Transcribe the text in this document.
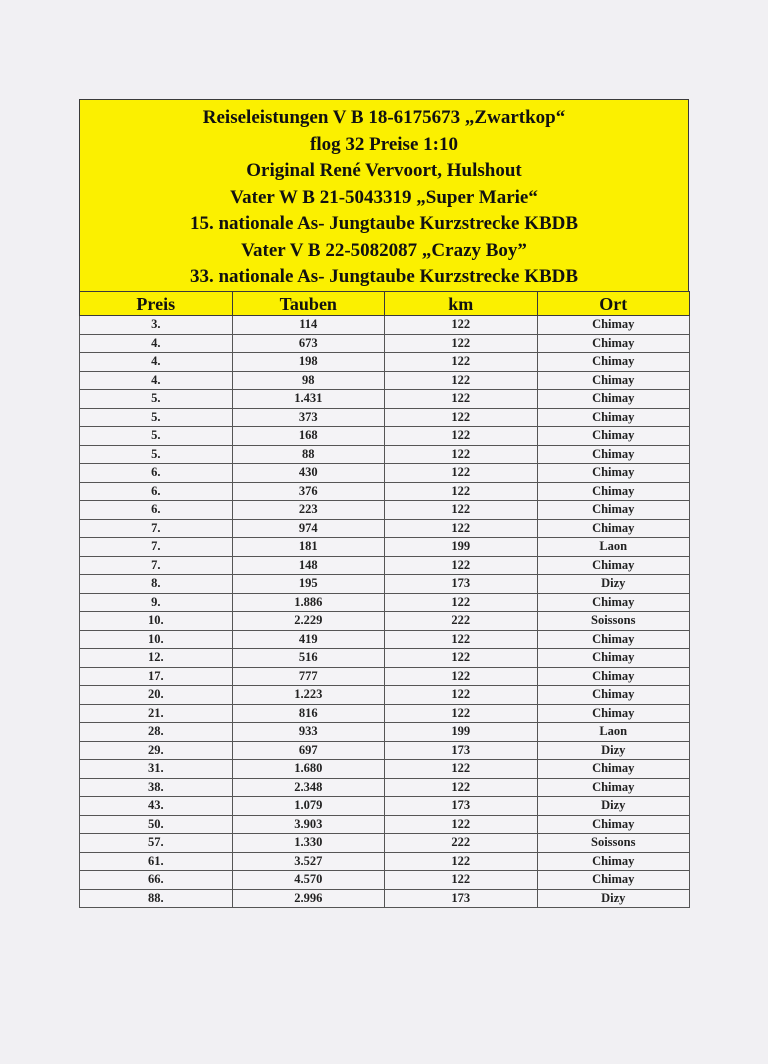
Reiseleistungen V B 18-6175673 „Zwartkop“
flog 32 Preise 1:10
Original René Vervoort, Hulshout
Vater W B 21-5043319 „Super Marie“
15. nationale As- Jungtaube Kurzstrecke KBDB
Vater V B 22-5082087 „Crazy Boy”
33. nationale As- Jungtaube Kurzstrecke KBDB
Preis	Tauben	km	Ort
3.	114	122	Chimay
4.	673	122	Chimay
4.	198	122	Chimay
4.	98	122	Chimay
5.	1.431	122	Chimay
5.	373	122	Chimay
5.	168	122	Chimay
5.	88	122	Chimay
6.	430	122	Chimay
6.	376	122	Chimay
6.	223	122	Chimay
7.	974	122	Chimay
7.	181	199	Laon
7.	148	122	Chimay
8.	195	173	Dizy
9.	1.886	122	Chimay
10.	2.229	222	Soissons
10.	419	122	Chimay
12.	516	122	Chimay
17.	777	122	Chimay
20.	1.223	122	Chimay
21.	816	122	Chimay
28.	933	199	Laon
29.	697	173	Dizy
31.	1.680	122	Chimay
38.	2.348	122	Chimay
43.	1.079	173	Dizy
50.	3.903	122	Chimay
57.	1.330	222	Soissons
61.	3.527	122	Chimay
66.	4.570	122	Chimay
88.	2.996	173	Dizy
